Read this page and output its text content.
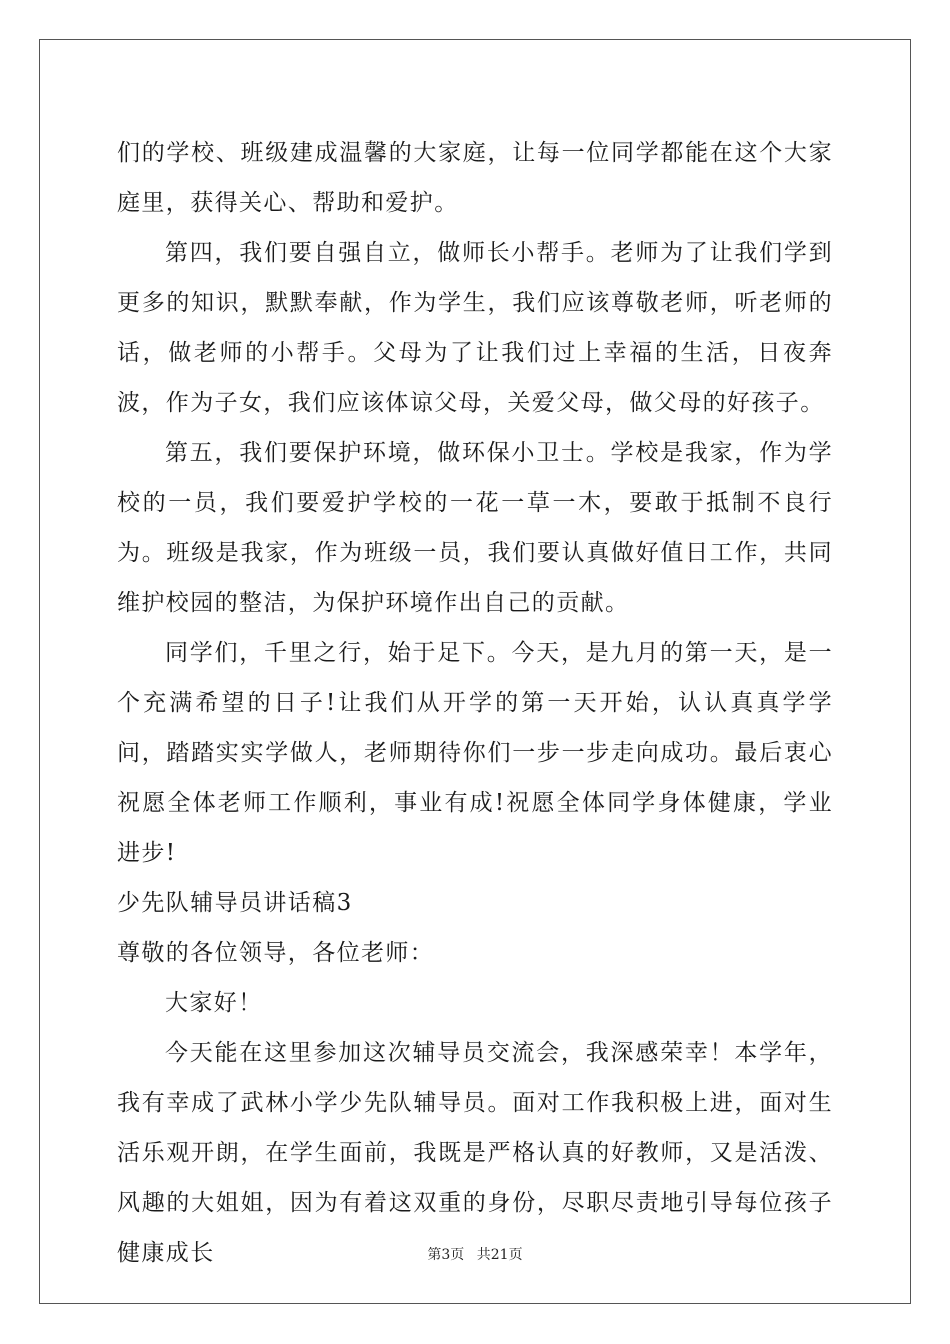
们的学校、班级建成温馨的大家庭，让每一位同学都能在这个大家庭里，获得关心、帮助和爱护。

第四，我们要自强自立，做师长小帮手。老师为了让我们学到更多的知识，默默奉献，作为学生，我们应该尊敬老师，听老师的话，做老师的小帮手。父母为了让我们过上幸福的生活，日夜奔波，作为子女，我们应该体谅父母，关爱父母，做父母的好孩子。

第五，我们要保护环境，做环保小卫士。学校是我家，作为学校的一员，我们要爱护学校的一花一草一木，要敢于抵制不良行为。班级是我家，作为班级一员，我们要认真做好值日工作，共同维护校园的整洁，为保护环境作出自己的贡献。

同学们，千里之行，始于足下。今天，是九月的第一天，是一个充满希望的日子!让我们从开学的第一天开始，认认真真学学问，踏踏实实学做人，老师期待你们一步一步走向成功。最后衷心祝愿全体老师工作顺利，事业有成!祝愿全体同学身体健康，学业进步!

少先队辅导员讲话稿3

尊敬的各位领导，各位老师：

大家好！

今天能在这里参加这次辅导员交流会，我深感荣幸！本学年，我有幸成了武林小学少先队辅导员。面对工作我积极上进，面对生活乐观开朗，在学生面前，我既是严格认真的好教师，又是活泼、风趣的大姐姐，因为有着这双重的身份，尽职尽责地引导每位孩子健康成长	第3页 共21页
